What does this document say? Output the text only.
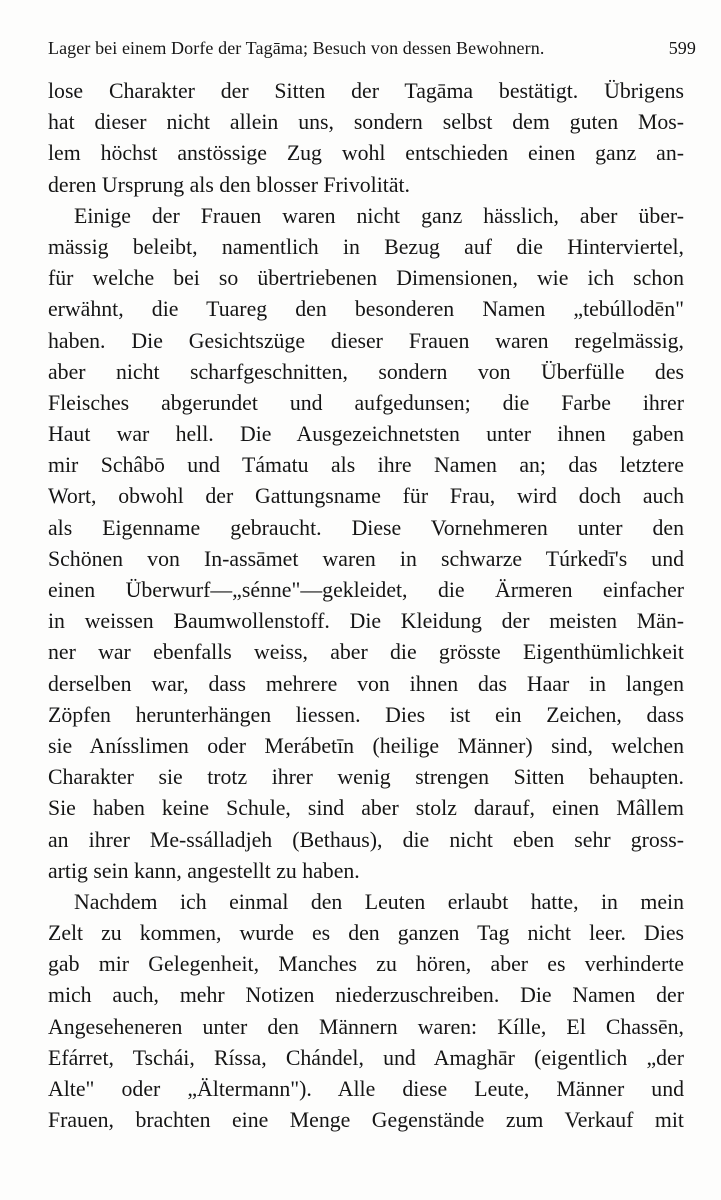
Lager bei einem Dorfe der Tagāma; Besuch von dessen Bewohnern.	599
lose Charakter der Sitten der Tagāma bestätigt. Übrigens
hat dieser nicht allein uns, sondern selbst dem guten Mos-
lem höchst anstössige Zug wohl entschieden einen ganz an-
deren Ursprung als den blosser Frivolität.
Einige der Frauen waren nicht ganz hässlich, aber über-
mässig beleibt, namentlich in Bezug auf die Hinterviertel,
für welche bei so übertriebenen Dimensionen, wie ich schon
erwähnt, die Tuareg den besonderen Namen „tebúllodēn"
haben. Die Gesichtszüge dieser Frauen waren regelmässig,
aber nicht scharfgeschnitten, sondern von Überfülle des
Fleisches abgerundet und aufgedunsen; die Farbe ihrer
Haut war hell. Die Ausgezeichnetsten unter ihnen gaben
mir Schâbō und Támatu als ihre Namen an; das letztere
Wort, obwohl der Gattungsname für Frau, wird doch auch
als Eigenname gebraucht. Diese Vornehmeren unter den
Schönen von In-assāmet waren in schwarze Túrkedī's und
einen Überwurf—„sénne"—gekleidet, die Ärmeren einfacher
in weissen Baumwollenstoff. Die Kleidung der meisten Män-
ner war ebenfalls weiss, aber die grösste Eigenthümlichkeit
derselben war, dass mehrere von ihnen das Haar in langen
Zöpfen herunterhängen liessen. Dies ist ein Zeichen, dass
sie Anísslimen oder Merábetīn (heilige Männer) sind, welchen
Charakter sie trotz ihrer wenig strengen Sitten behaupten.
Sie haben keine Schule, sind aber stolz darauf, einen Mâllem
an ihrer Me-ssálladjeh (Bethaus), die nicht eben sehr gross-
artig sein kann, angestellt zu haben.
Nachdem ich einmal den Leuten erlaubt hatte, in mein
Zelt zu kommen, wurde es den ganzen Tag nicht leer. Dies
gab mir Gelegenheit, Manches zu hören, aber es verhinderte
mich auch, mehr Notizen niederzuschreiben. Die Namen der
Angeseheneren unter den Männern waren: Kílle, El Chassēn,
Efárret, Tschái, Ríssa, Chándel, und Amaghār (eigentlich „der
Alte" oder „Ältermann"). Alle diese Leute, Männer und
Frauen, brachten eine Menge Gegenstände zum Verkauf mit
